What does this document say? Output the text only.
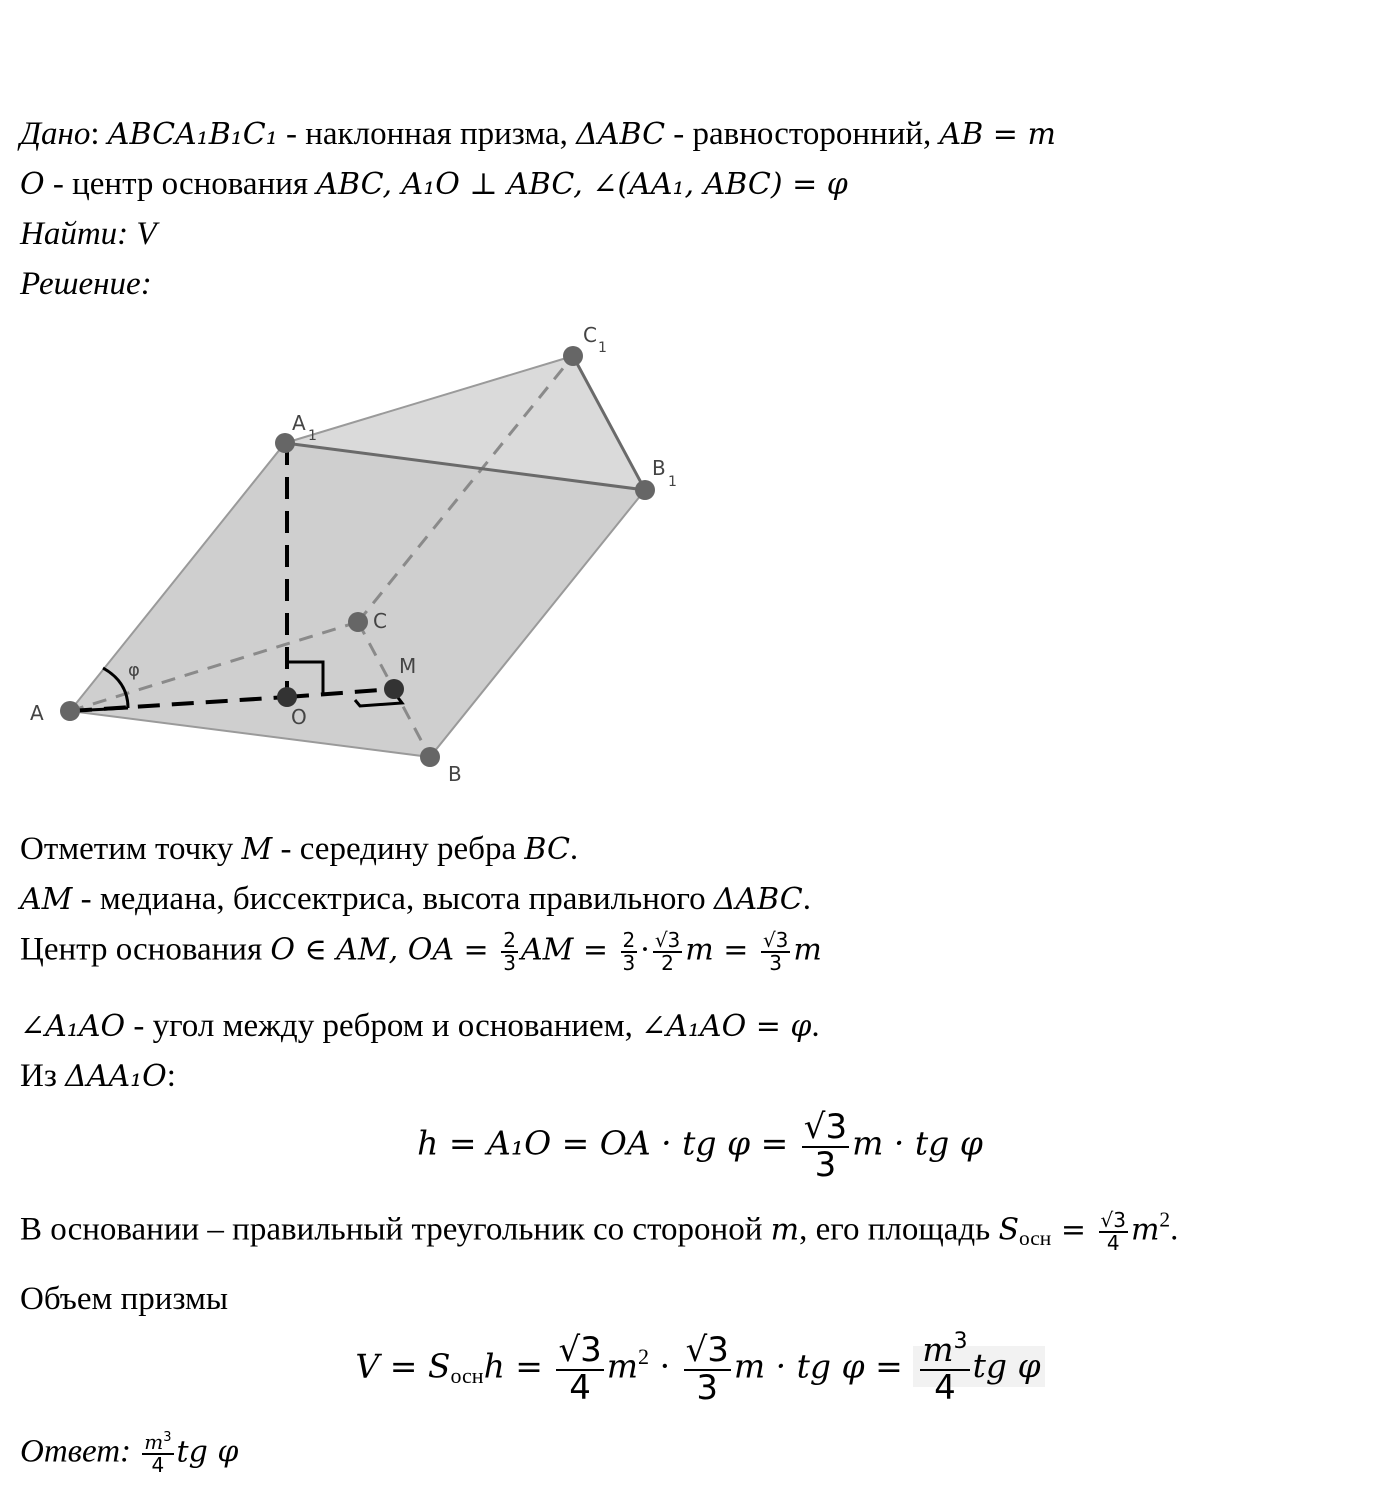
Дано: ABCA₁B₁C₁ - наклонная призма, ΔABC - равносторонний, AB = m
O - центр основания ABC, A₁O ⊥ ABC, ∠(AA₁, ABC) = φ
Найти: V
Решение:
A
B
C
A
1
B
1
C
1
O
M
φ
Отметим точку M - середину ребра BC.
AM - медиана, биссектриса, высота правильного ΔABC.
Центр основания O ∈ AM, OA = $\frac{2}{3}$ AM = $\frac{2}{3} \cdot \frac{√3}{2}$ $m = \frac{√3}{3}$ m
∠A₁AO - угол между ребром и основанием, ∠A₁AO = φ.
Из ΔAA₁O:
h = A₁O = OA · tg $\varphi = \frac{√3}{3}$ m · tg φ
В основании – правильный треугольник со стороной m, его площадь $S_{осн} = \frac{√3}{4} m^2$.
Объем призмы
$V = S_{осн}h = \frac{√3}{4} m^2 \cdot \frac{√3}{3}$ m · tg $\varphi = \frac{m^3}{4}$ tg φ
Ответ: $\frac{m^3}{4}$ tg φ
